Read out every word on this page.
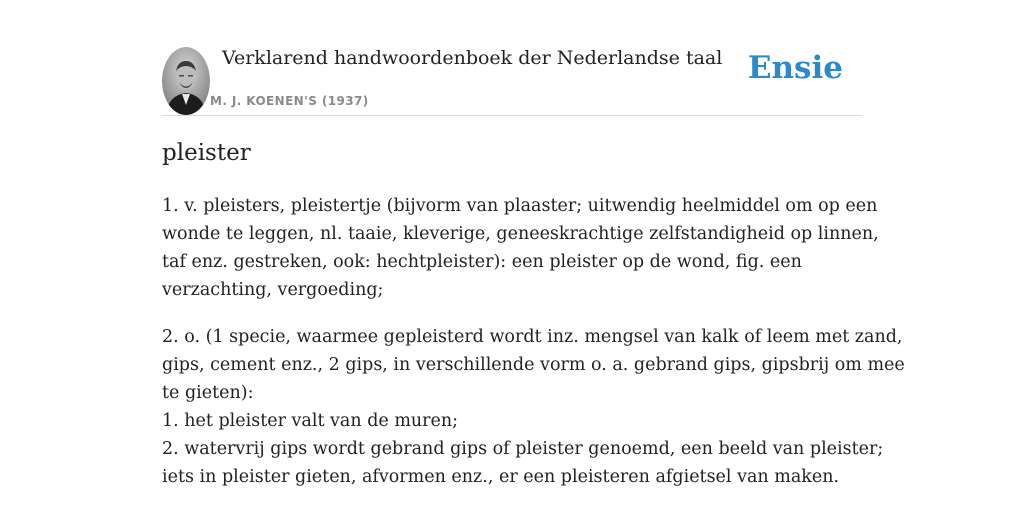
Verklarend handwoordenboek der Nederlandse taal
M. J. KOENEN'S (1937)
Ensie
pleister

1. v. pleisters, pleistertje (bijvorm van plaaster; uitwendig heelmiddel om op een
wonde te leggen, nl. taaie, kleverige, geneeskrachtige zelfstandigheid op linnen,
taf enz. gestreken, ook: hechtpleister): een pleister op de wond, fig. een
verzachting, vergoeding;

2. o. (1 specie, waarmee gepleisterd wordt inz. mengsel van kalk of leem met zand,
gips, cement enz., 2 gips, in verschillende vorm o. a. gebrand gips, gipsbrij om mee
te gieten):
1. het pleister valt van de muren;
2. watervrij gips wordt gebrand gips of pleister genoemd, een beeld van pleister;
iets in pleister gieten, afvormen enz., er een pleisteren afgietsel van maken.
